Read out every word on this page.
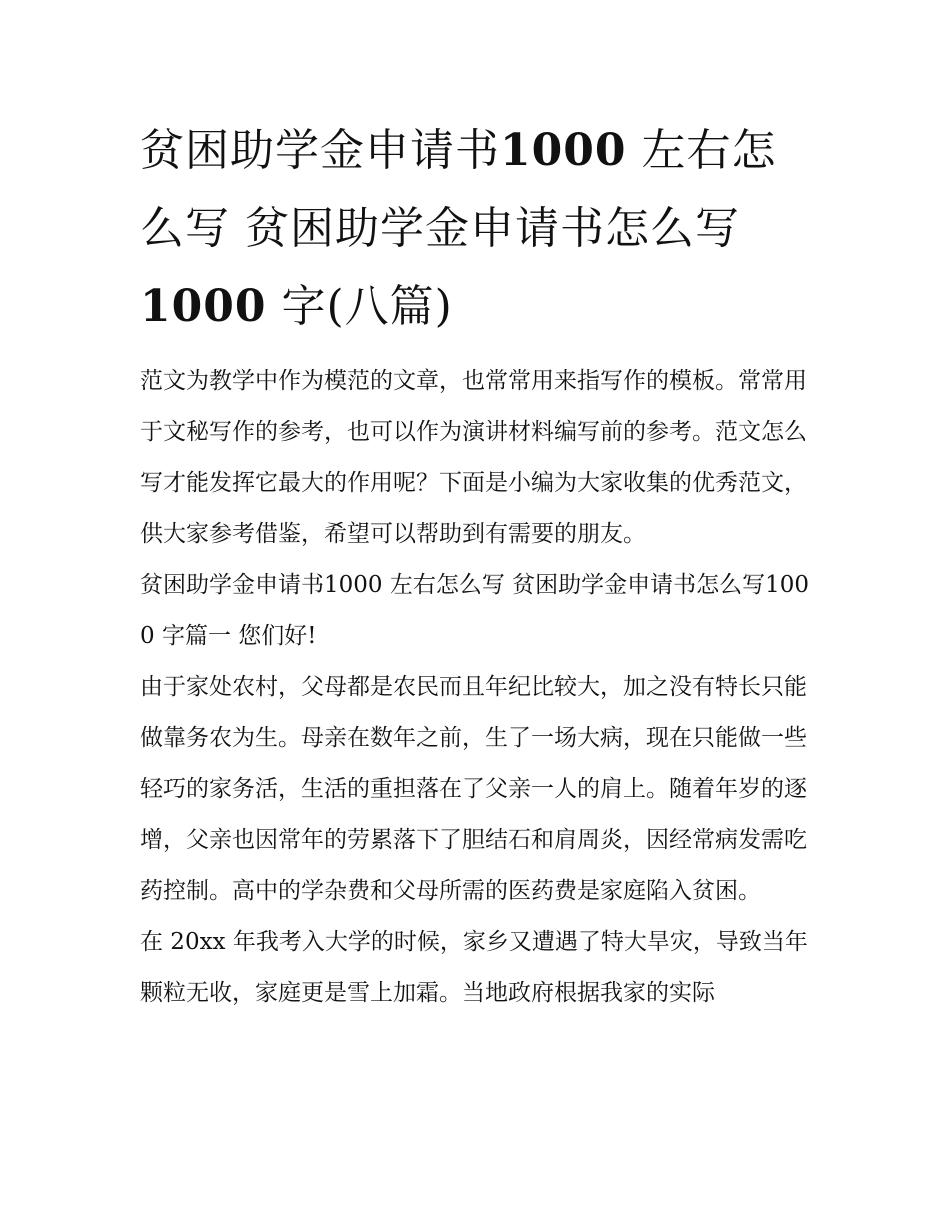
贫困助学金申请书1000 左右怎么写 贫困助学金申请书怎么写1000 字(八篇)

范文为教学中作为模范的文章，也常常用来指写作的模板。常常用于文秘写作的参考，也可以作为演讲材料编写前的参考。范文怎么写才能发挥它最大的作用呢？下面是小编为大家收集的优秀范文，供大家参考借鉴，希望可以帮助到有需要的朋友。

贫困助学金申请书1000 左右怎么写 贫困助学金申请书怎么写1000 字篇一 您们好!

由于家处农村，父母都是农民而且年纪比较大，加之没有特长只能做靠务农为生。母亲在数年之前，生了一场大病，现在只能做一些轻巧的家务活，生活的重担落在了父亲一人的肩上。随着年岁的逐增，父亲也因常年的劳累落下了胆结石和肩周炎，因经常病发需吃药控制。高中的学杂费和父母所需的医药费是家庭陷入贫困。

在 20xx 年我考入大学的时候，家乡又遭遇了特大旱灾，导致当年颗粒无收，家庭更是雪上加霜。当地政府根据我家的实际
